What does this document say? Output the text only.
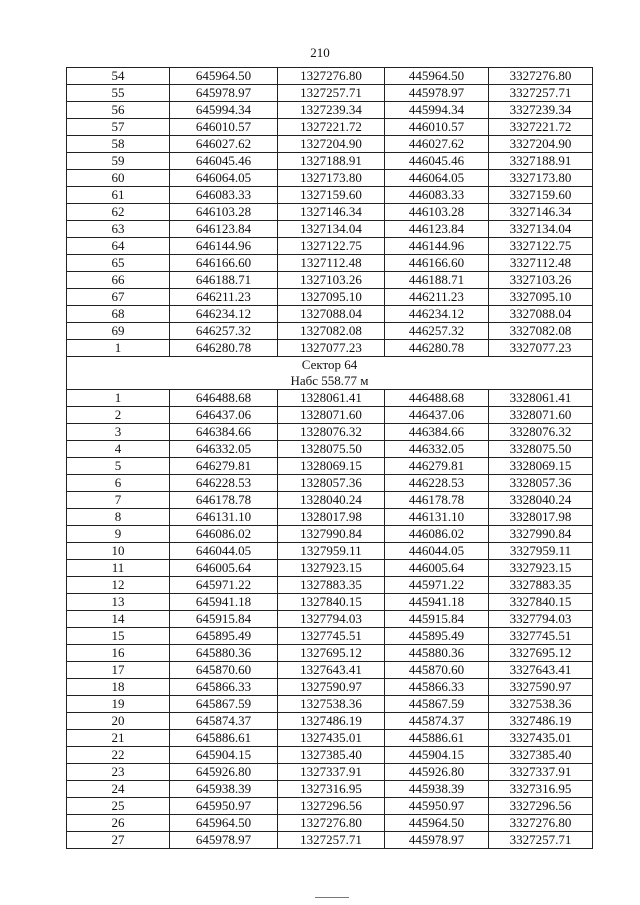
210
54	645964.50	1327276.80	445964.50	3327276.80
55	645978.97	1327257.71	445978.97	3327257.71
56	645994.34	1327239.34	445994.34	3327239.34
57	646010.57	1327221.72	446010.57	3327221.72
58	646027.62	1327204.90	446027.62	3327204.90
59	646045.46	1327188.91	446045.46	3327188.91
60	646064.05	1327173.80	446064.05	3327173.80
61	646083.33	1327159.60	446083.33	3327159.60
62	646103.28	1327146.34	446103.28	3327146.34
63	646123.84	1327134.04	446123.84	3327134.04
64	646144.96	1327122.75	446144.96	3327122.75
65	646166.60	1327112.48	446166.60	3327112.48
66	646188.71	1327103.26	446188.71	3327103.26
67	646211.23	1327095.10	446211.23	3327095.10
68	646234.12	1327088.04	446234.12	3327088.04
69	646257.32	1327082.08	446257.32	3327082.08
1	646280.78	1327077.23	446280.78	3327077.23

Сектор 64
Набс 558.77 м				

1	646488.68	1328061.41	446488.68	3328061.41
2	646437.06	1328071.60	446437.06	3328071.60
3	646384.66	1328076.32	446384.66	3328076.32
4	646332.05	1328075.50	446332.05	3328075.50
5	646279.81	1328069.15	446279.81	3328069.15
6	646228.53	1328057.36	446228.53	3328057.36
7	646178.78	1328040.24	446178.78	3328040.24
8	646131.10	1328017.98	446131.10	3328017.98
9	646086.02	1327990.84	446086.02	3327990.84
10	646044.05	1327959.11	446044.05	3327959.11
11	646005.64	1327923.15	446005.64	3327923.15
12	645971.22	1327883.35	445971.22	3327883.35
13	645941.18	1327840.15	445941.18	3327840.15
14	645915.84	1327794.03	445915.84	3327794.03
15	645895.49	1327745.51	445895.49	3327745.51
16	645880.36	1327695.12	445880.36	3327695.12
17	645870.60	1327643.41	445870.60	3327643.41
18	645866.33	1327590.97	445866.33	3327590.97
19	645867.59	1327538.36	445867.59	3327538.36
20	645874.37	1327486.19	445874.37	3327486.19
21	645886.61	1327435.01	445886.61	3327435.01
22	645904.15	1327385.40	445904.15	3327385.40
23	645926.80	1327337.91	445926.80	3327337.91
24	645938.39	1327316.95	445938.39	3327316.95
25	645950.97	1327296.56	445950.97	3327296.56
26	645964.50	1327276.80	445964.50	3327276.80
27	645978.97	1327257.71	445978.97	3327257.71
